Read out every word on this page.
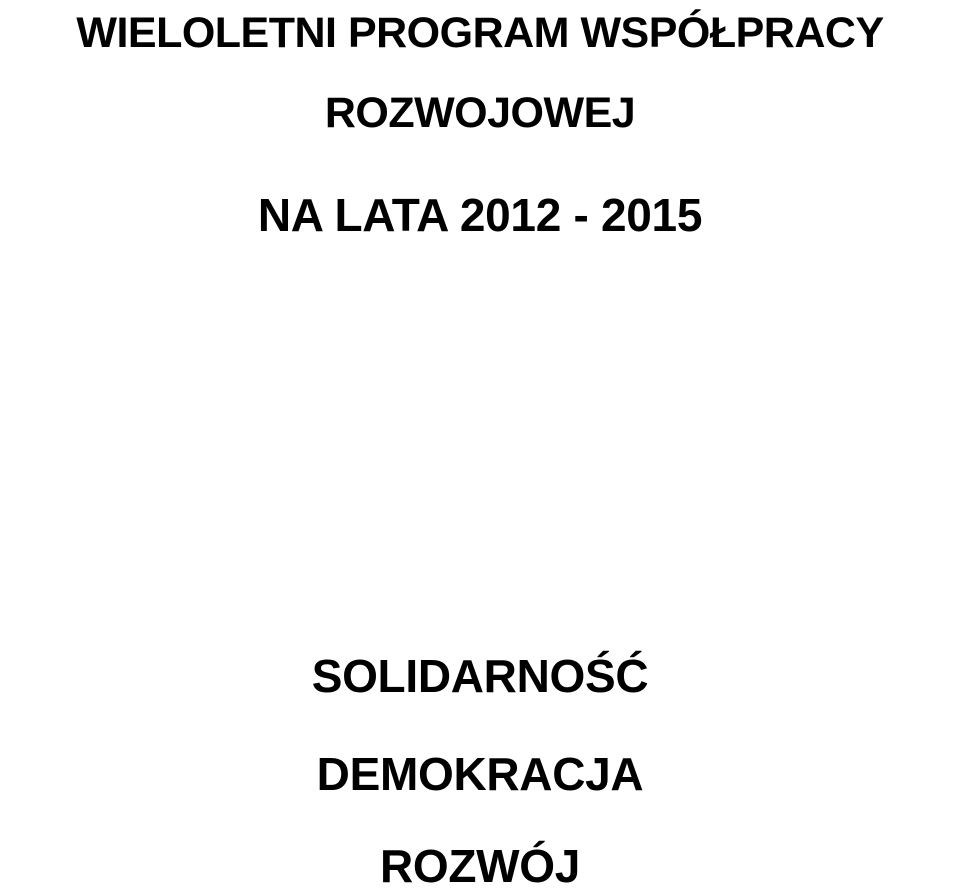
WIELOLETNI PROGRAM WSPÓŁPRACY
ROZWOJOWEJ
NA LATA 2012 - 2015
SOLIDARNOŚĆ
DEMOKRACJA
ROZWÓJ
